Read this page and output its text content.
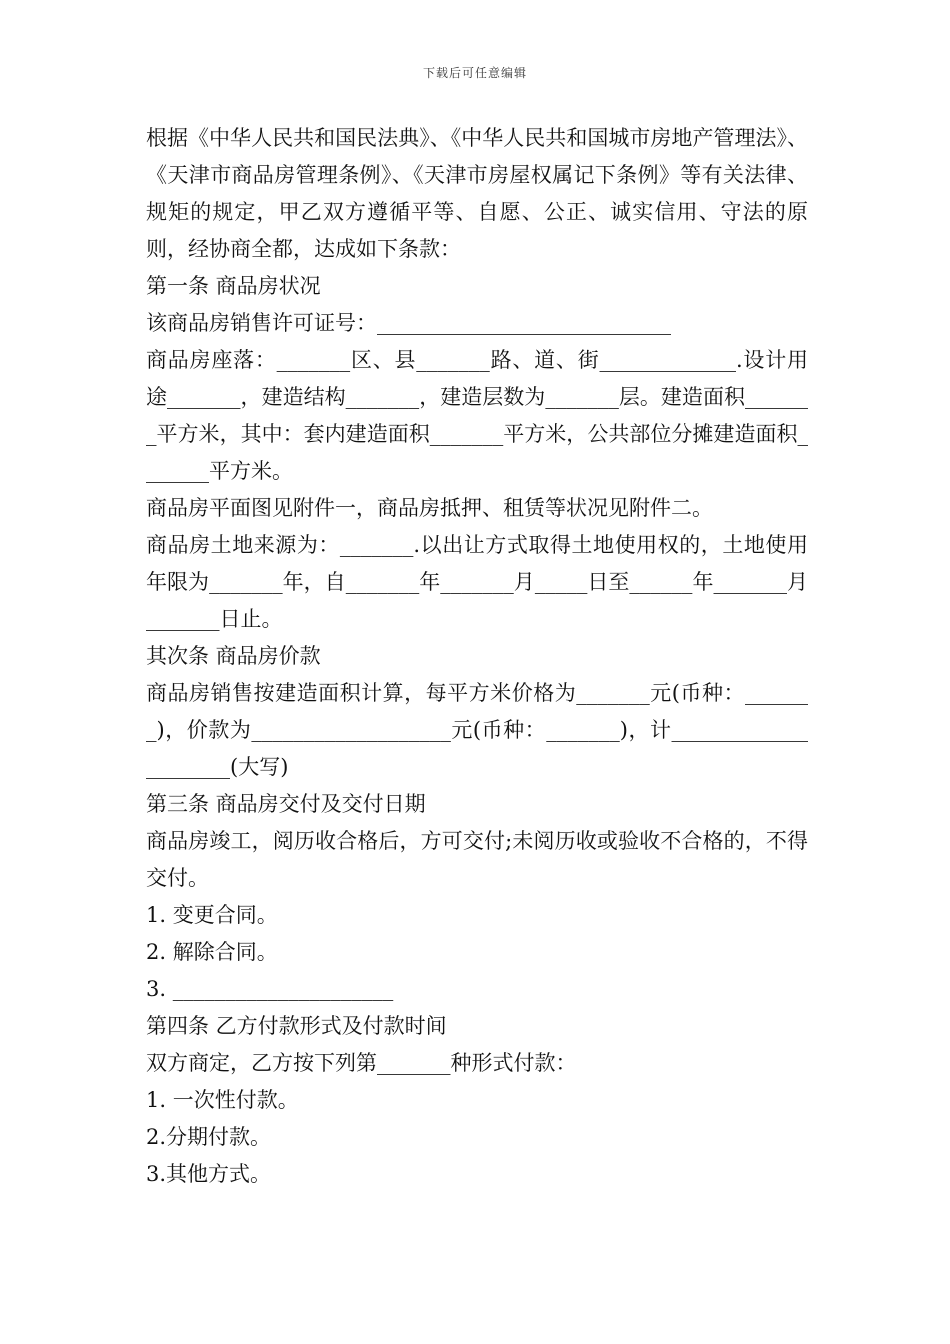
下载后可任意编辑

根据《中华人民共和国民法典》、《中华人民共和国城市房地产管理法》、《天津市商品房管理条例》、《天津市房屋权属记下条例》等有关法律、规矩的规定，甲乙双方遵循平等、自愿、公正、诚实信用、守法的原则，经协商全都，达成如下条款：

第一条 商品房状况

该商品房销售许可证号：____________________________

商品房座落：_______区、县_______路、道、街_____________.设计用途_______，建造结构_______，建造层数为_______层。建造面积_______平方米，其中：套内建造面积_______平方米，公共部位分摊建造面积_______平方米。

商品房平面图见附件一，商品房抵押、租赁等状况见附件二。

商品房土地来源为：_______.以出让方式取得土地使用权的，土地使用年限为_______年，自_______年_______月_____日至______年_______月_______日止。

其次条 商品房价款

商品房销售按建造面积计算，每平方米价格为_______元(币种：_______)，价款为___________________元(币种：_______)，计_____________________(大写)

第三条 商品房交付及交付日期

商品房竣工，阅历收合格后，方可交付;未阅历收或验收不合格的，不得交付。

1. 变更合同。

2. 解除合同。

3. _____________________

第四条 乙方付款形式及付款时间

双方商定，乙方按下列第_______种形式付款：

1. 一次性付款。

2.分期付款。

3.其他方式。
